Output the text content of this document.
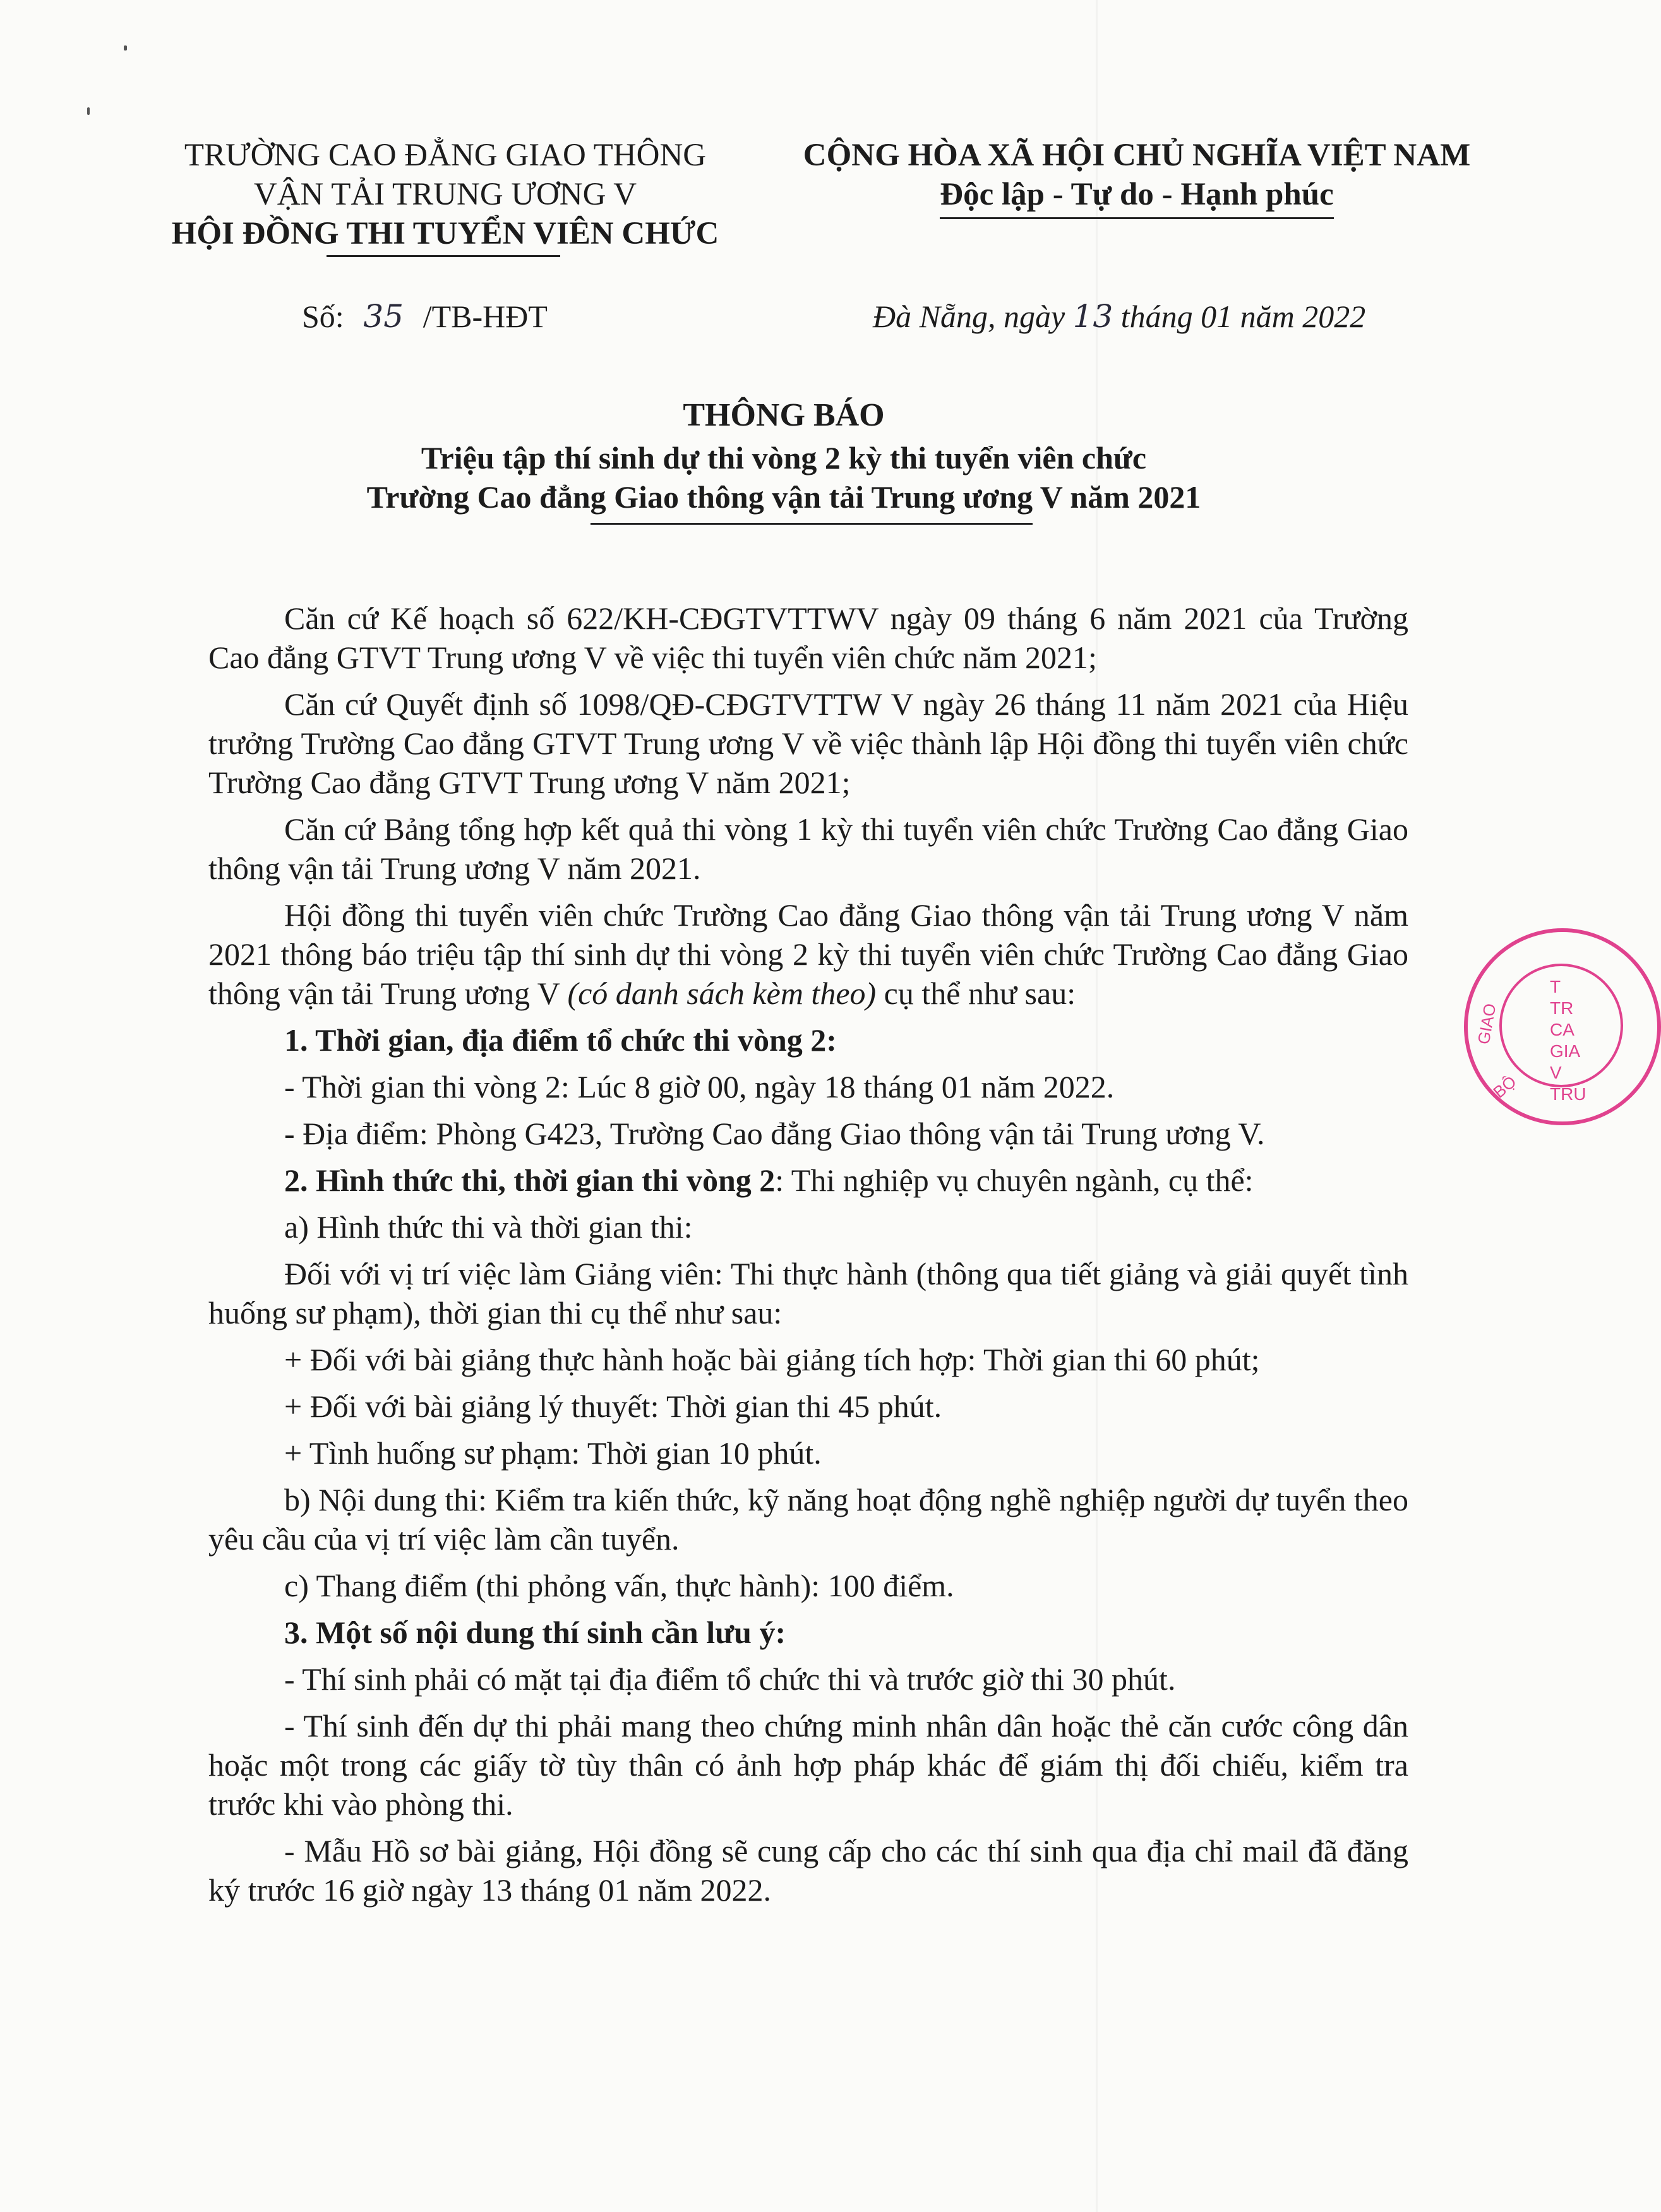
TRƯỜNG CAO ĐẲNG GIAO THÔNG
VẬN TẢI TRUNG ƯƠNG V
HỘI ĐỒNG THI TUYỂN VIÊN CHỨC
CỘNG HÒA XÃ HỘI CHỦ NGHĨA VIỆT NAM
Độc lập - Tự do - Hạnh phúc
Số: 35 /TB-HĐT	Đà Nẵng, ngày 13 tháng 01 năm 2022
THÔNG BÁO
Triệu tập thí sinh dự thi vòng 2 kỳ thi tuyển viên chức
Trường Cao đẳng Giao thông vận tải Trung ương V năm 2021

Căn cứ Kế hoạch số 622/KH-CĐGTVTTWV ngày 09 tháng 6 năm 2021 của Trường Cao đẳng GTVT Trung ương V về việc thi tuyển viên chức năm 2021;

Căn cứ Quyết định số 1098/QĐ-CĐGTVTTW V ngày 26 tháng 11 năm 2021 của Hiệu trưởng Trường Cao đẳng GTVT Trung ương V về việc thành lập Hội đồng thi tuyển viên chức Trường Cao đẳng GTVT Trung ương V năm 2021;

Căn cứ Bảng tổng hợp kết quả thi vòng 1 kỳ thi tuyển viên chức Trường Cao đẳng Giao thông vận tải Trung ương V năm 2021.

Hội đồng thi tuyển viên chức Trường Cao đẳng Giao thông vận tải Trung ương V năm 2021 thông báo triệu tập thí sinh dự thi vòng 2 kỳ thi tuyển viên chức Trường Cao đẳng Giao thông vận tải Trung ương V (có danh sách kèm theo) cụ thể như sau:

1. Thời gian, địa điểm tổ chức thi vòng 2:

- Thời gian thi vòng 2: Lúc 8 giờ 00, ngày 18 tháng 01 năm 2022.

- Địa điểm: Phòng G423, Trường Cao đẳng Giao thông vận tải Trung ương V.

2. Hình thức thi, thời gian thi vòng 2: Thi nghiệp vụ chuyên ngành, cụ thể:

a) Hình thức thi và thời gian thi:

Đối với vị trí việc làm Giảng viên: Thi thực hành (thông qua tiết giảng và giải quyết tình huống sư phạm), thời gian thi cụ thể như sau:

+ Đối với bài giảng thực hành hoặc bài giảng tích hợp: Thời gian thi 60 phút;

+ Đối với bài giảng lý thuyết: Thời gian thi 45 phút.

+ Tình huống sư phạm: Thời gian 10 phút.

b) Nội dung thi: Kiểm tra kiến thức, kỹ năng hoạt động nghề nghiệp người dự tuyển theo yêu cầu của vị trí việc làm cần tuyển.

c) Thang điểm (thi phỏng vấn, thực hành): 100 điểm.

3. Một số nội dung thí sinh cần lưu ý:

- Thí sinh phải có mặt tại địa điểm tổ chức thi và trước giờ thi 30 phút.

- Thí sinh đến dự thi phải mang theo chứng minh nhân dân hoặc thẻ căn cước công dân hoặc một trong các giấy tờ tùy thân có ảnh hợp pháp khác để giám thị đối chiếu, kiểm tra trước khi vào phòng thi.

- Mẫu Hồ sơ bài giảng, Hội đồng sẽ cung cấp cho các thí sinh qua địa chỉ mail đã đăng ký trước 16 giờ ngày 13 tháng 01 năm 2022.

T
TR
CA
GIA
V
TRU
GIAO
BỘ
